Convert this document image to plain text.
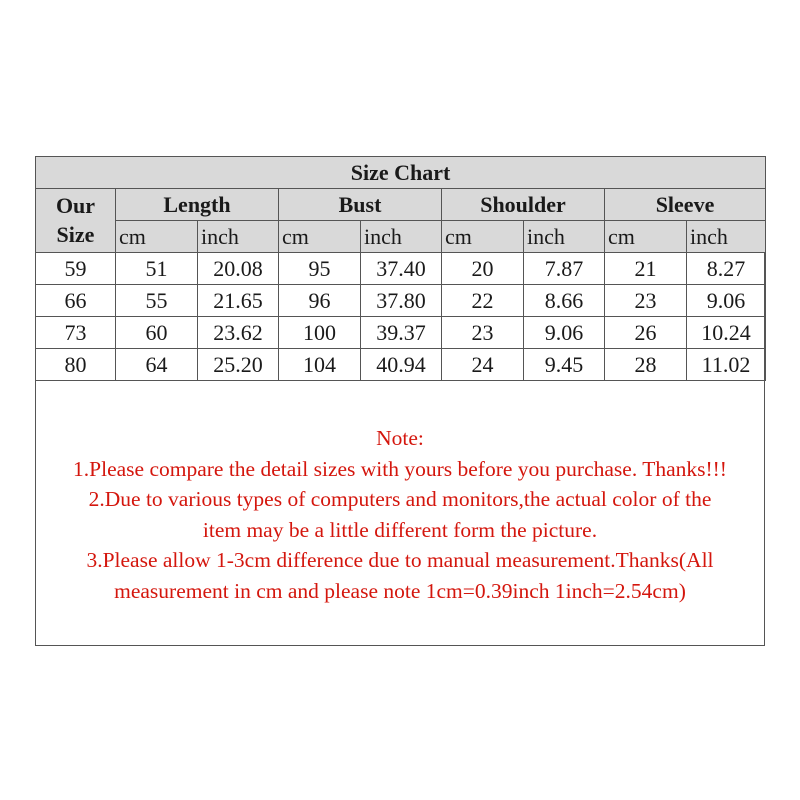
Size Chart								

Our
Size	Length		Bust		Shoulder		Sleeve	
	cm	inch	cm	inch	cm	inch	cm	inch
59	51	20.08	95	37.40	20	7.87	21	8.27
66	55	21.65	96	37.80	22	8.66	23	9.06
73	60	23.62	100	39.37	23	9.06	26	10.24
80	64	25.20	104	40.94	24	9.45	28	11.02
Note:
1.Please compare the detail sizes with yours before you purchase. Thanks!!!
2.Due to various types of computers and monitors,the actual color of the
item may be a little different form the picture.
3.Please allow 1-3cm difference due to manual measurement.Thanks(All
measurement in cm and please note 1cm=0.39inch 1inch=2.54cm)
